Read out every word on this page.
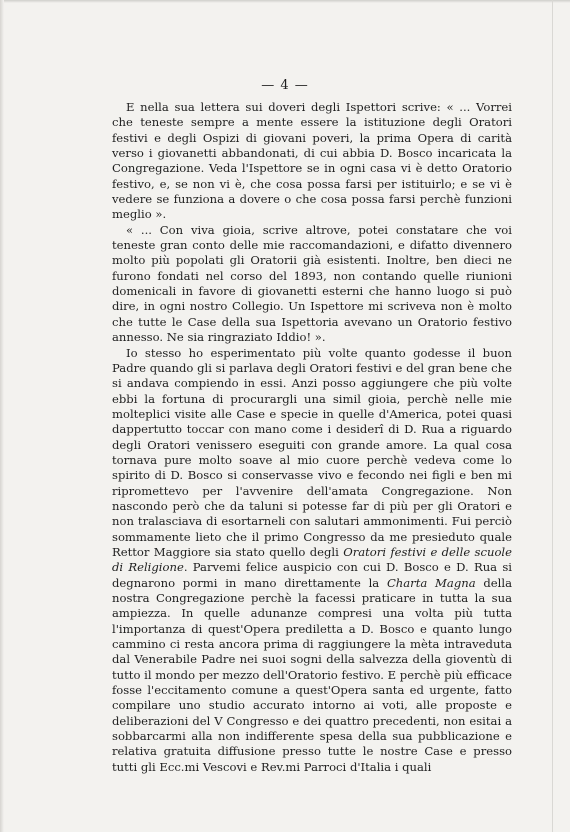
— 4 —

E nella sua lettera sui doveri degli Ispettori scrive: « ... Vorrei che teneste sempre a mente essere la istituzione degli Oratori festivi e degli Ospizi di giovani poveri, la prima Opera di carità verso i giovanetti abbandonati, di cui abbia D. Bosco incaricata la Congregazione. Veda l'Ispettore se in ogni casa vi è detto Oratorio festivo, e, se non vi è, che cosa possa farsi per istituirlo; e se vi è vedere se funziona a dovere o che cosa possa farsi perchè funzioni meglio ».

« ... Con viva gioia, scrive altrove, potei constatare che voi teneste gran conto delle mie raccomandazioni, e difatto divennero molto più popolati gli Oratorii già esistenti. Inoltre, ben dieci ne furono fondati nel corso del 1893, non contando quelle riunioni domenicali in favore di giovanetti esterni che hanno luogo si può dire, in ogni nostro Collegio. Un Ispettore mi scriveva non è molto che tutte le Case della sua Ispettoria avevano un Oratorio festivo annesso. Ne sia ringraziato Iddio! ».

Io stesso ho esperimentato più volte quanto godesse il buon Padre quando gli si parlava degli Oratori festivi e del gran bene che si andava compiendo in essi. Anzi posso aggiungere che più volte ebbi la fortuna di procurargli una simil gioia, perchè nelle mie molteplici visite alle Case e specie in quelle d'America, potei quasi dappertutto toccar con mano come i desiderî di D. Rua a riguardo degli Oratori venissero eseguiti con grande amore. La qual cosa tornava pure molto soave al mio cuore perchè vedeva come lo spirito di D. Bosco si conservasse vivo e fecondo nei figli e ben mi ripromettevo per l'avvenire dell'amata Congregazione. Non nascondo però che da taluni si potesse far di più per gli Oratori e non tralasciava di esortarneli con salutari ammonimenti. Fui perciò sommamente lieto che il primo Congresso da me presieduto quale Rettor Maggiore sia stato quello degli Oratori festivi e delle scuole di Religione. Parvemi felice auspicio con cui D. Bosco e D. Rua si degnarono pormi in mano direttamente la Charta Magna della nostra Congregazione perchè la facessi praticare in tutta la sua ampiezza. In quelle adunanze compresi una volta più tutta l'importanza di quest'Opera prediletta a D. Bosco e quanto lungo cammino ci resta ancora prima di raggiungere la mèta intraveduta dal Venerabile Padre nei suoi sogni della salvezza della gioventù di tutto il mondo per mezzo dell'Oratorio festivo. E perchè più efficace fosse l'eccitamento comune a quest'Opera santa ed urgente, fatto compilare uno studio accurato intorno ai voti, alle proposte e deliberazioni del V Congresso e dei quattro precedenti, non esitai a sobbarcarmi alla non indifferente spesa della sua pubblicazione e relativa gratuita diffusione presso tutte le nostre Case e presso tutti gli Ecc.mi Vescovi e Rev.mi Parroci d'Italia i quali
